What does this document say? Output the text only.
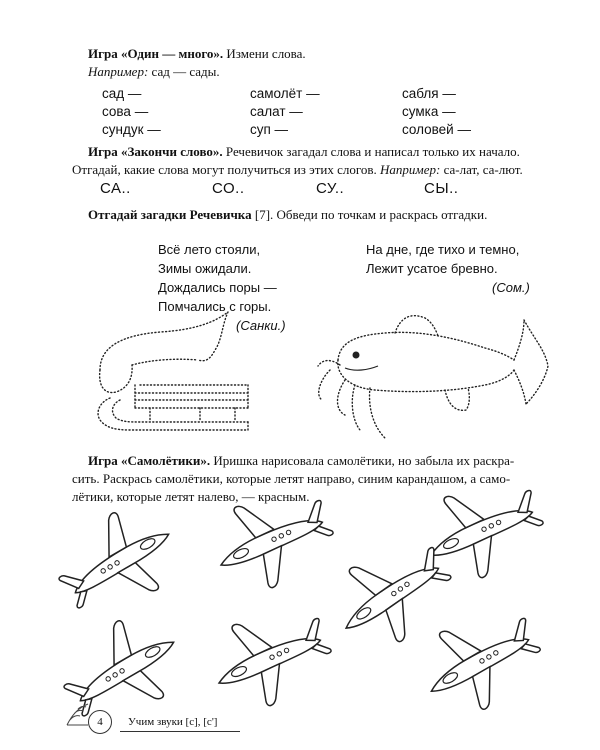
Игра «Один — много». Измени слова.

Например: сад — сады.

сад —	самолёт —	сабля —
сова —	салат —	сумка —
сундук —	суп —	соловей —

Игра «Закончи слово». Речевичок загадал слова и написал только их начало.

Отгадай, какие слова могут получиться из этих слогов. Например: са-лат, са-лют.

СА..	СО..	СУ..	СЫ..

Отгадай загадки Речевичка [7]. Обведи по точкам и раскрась отгадки.

Всё лето стояли,
Зимы ожидали.
Дождались поры —
Помчались с горы.
(Санки.)
На дне, где тихо и темно,
Лежит усатое бревно.
(Сом.)

Игра «Самолётики». Иришка нарисовала самолётики, но забыла их раскра-

сить. Раскрась самолётики, которые летят направо, синим карандашом, а само-

лётики, которые летят налево, — красным.

4 Учим звуки [с], [с']
